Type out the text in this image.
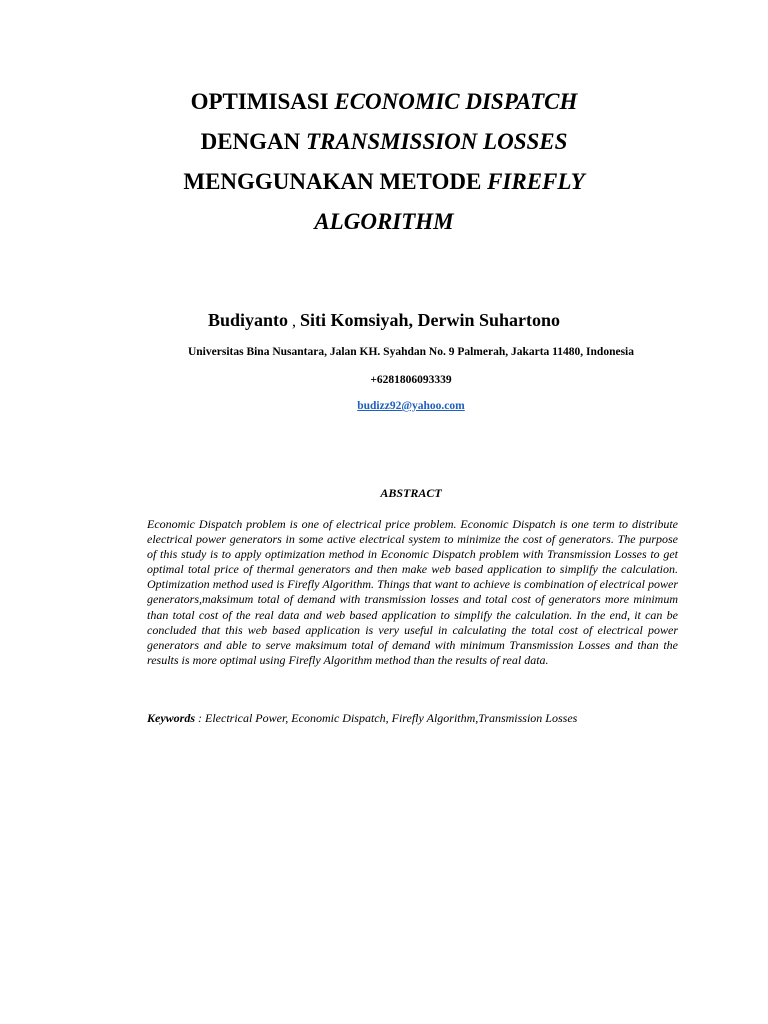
OPTIMISASI ECONOMIC DISPATCH
DENGAN TRANSMISSION LOSSES
MENGGUNAKAN METODE FIREFLY
ALGORITHM
Budiyanto , Siti Komsiyah, Derwin Suhartono
Universitas Bina Nusantara, Jalan KH. Syahdan No. 9 Palmerah, Jakarta 11480, Indonesia
+6281806093339
budizz92@yahoo.com
ABSTRACT
Economic Dispatch problem is one of electrical price problem. Economic Dispatch is one term to distribute electrical power generators in some active electrical system to minimize the cost of generators. The purpose of this study is to apply optimization method in Economic Dispatch problem with Transmission Losses to get optimal total price of thermal generators and then make web based application to simplify the calculation. Optimization method used is Firefly Algorithm. Things that want to achieve is combination of electrical power generators,maksimum total of demand with transmission losses and total cost of generators more minimum than total cost of the real data and web based application to simplify the calculation. In the end, it can be concluded that this web based application is very useful in calculating the total cost of electrical power generators and able to serve maksimum total of demand with minimum Transmission Losses and than the results is more optimal using Firefly Algorithm method than the results of real data.
Keywords : Electrical Power, Economic Dispatch, Firefly Algorithm,Transmission Losses
